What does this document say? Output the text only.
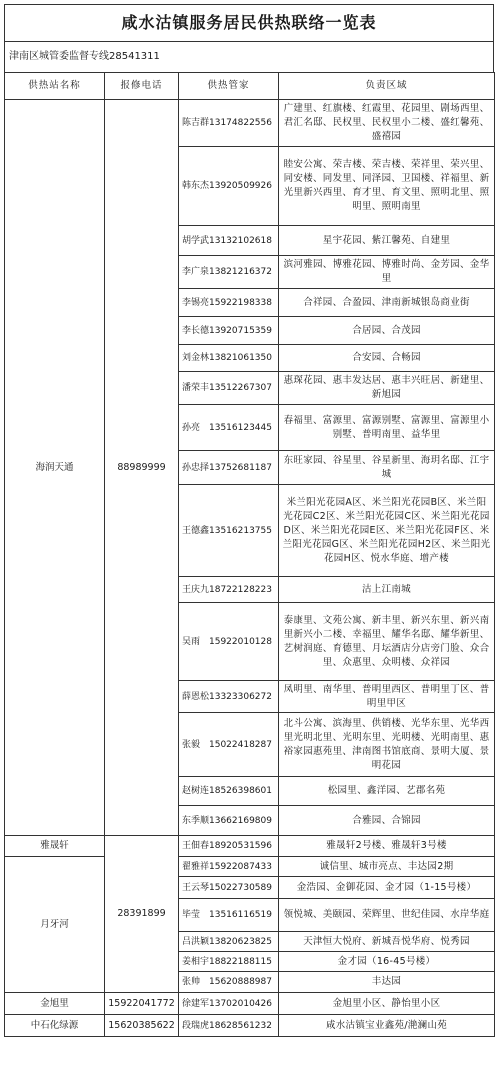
咸水沽镇服务居民供热联络一览表
津南区城管委监督专线28541311
供热站名称	报修电话	供热管家	负责区域
海润天通	88989999	陈吉群13174822556	广建里、红旗楼、红霞里、花园里、剧场西里、君汇名邸、民权里、民权里小二楼、盛红馨苑、盛禧园
		韩东杰13920509926	睦安公寓、荣吉楼、荣吉楼、荣祥里、荣兴里、同安楼、同发里、同泽园、卫国楼、祥福里、新光里新兴西里、育才里、育文里、照明北里、照明里、照明南里
		胡学武13132102618	星宇花园、紫江馨苑、自建里
		李广泉13821216372	滨河雅园、博雅花园、博雅时尚、金芳园、金华里
		李锡亮15922198338	合祥园、合盈园、津南新城银岛商业街
		李长德13920715359	合居园、合茂园
		刘金林13821061350	合安园、合畅园
		潘荣丰13512267307	惠琛花园、惠丰发达居、惠丰兴旺居、新建里、新旭园
		孙亮　13516123445	春福里、富源里、富源别墅、富源里、富源里小别墅、普明南里、益华里
		孙忠择13752681187	东旺家园、谷星里、谷星新里、海玥名邸、江宇城
		王德鑫13516213755	米兰阳光花园A区、米兰阳光花园B区、米兰阳光花园C2区、米兰阳光花园C区、米兰阳光花园D区、米兰阳光花园E区、米兰阳光花园F区、米兰阳光花园G区、米兰阳光花园H2区、米兰阳光花园H区、悦水华庭、增产楼
		王庆九18722128223	沽上江南城
		吴雨　15922010128	泰康里、文苑公寓、新丰里、新兴东里、新兴南里新兴小二楼、幸福里、耀华名邸、耀华新里、艺树润庭、育德里、月坛酒店分店旁门脸、众合里、众惠里、众明楼、众祥园
		薛恩松13323306272	凤明里、南华里、普明里西区、普明里丁区、普明里甲区
		张毅　15022418287	北斗公寓、滨海里、供销楼、光华东里、光华西里光明北里、光明东里、光明楼、光明南里、惠裕家园惠苑里、津南图书馆底商、景明大厦、景明花园
		赵树连18526398601	松园里、鑫洋园、艺郡名苑
		东季顺13662169809	合雅园、合锦园
雅晟轩	28391899	王佃春18920531596	雅晟轩2号楼、雅晟轩3号楼
月牙河		翟雅祥15922087433	诚信里、城市亮点、丰达园2期
		王云琴15022730589	金浩园、金御花园、金才园（1-15号楼）
		毕莹　13516116519	领悦城、美颐园、荣辉里、世纪佳园、水岸华庭
		吕洪颖13820623825	天津恒大悦府、新城吾悦华府、悦秀园
		姜相宇18822188115	金才园（16-45号楼）
		张帅　15620888987	丰达园
金旭里	15922041772	徐建军13702010426	金旭里小区、静怡里小区
中石化绿源	15620385622	段瑞虎18628561232	咸水沽镇宝业鑫苑/滟澜山苑
